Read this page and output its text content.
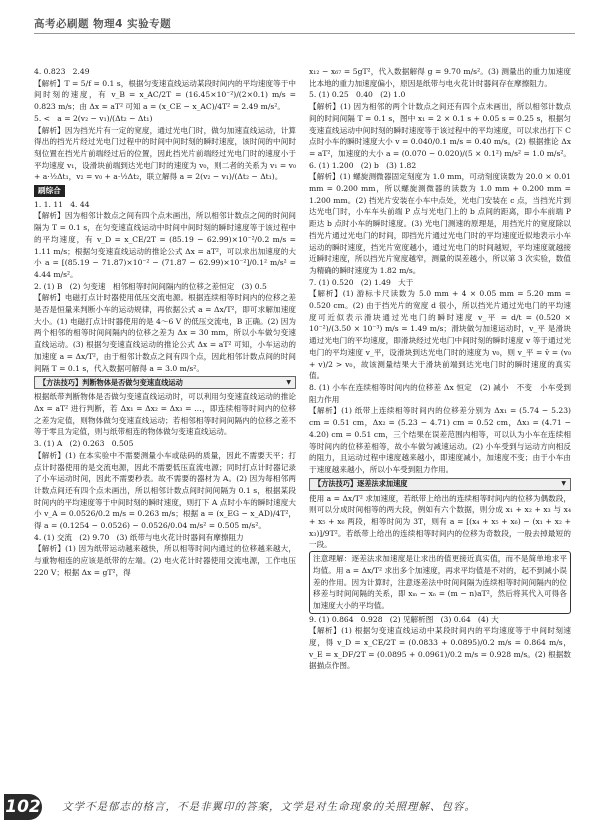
高考必刷题 物理4 实验专题

4. 0.823   2.49

【解析】T = 5/f = 0.1 s，根据匀变速直线运动某段时间内的平均速度等于中间时刻的速度，有 v_B = x_AC/2T = (16.45×10⁻²)/(2×0.1) m/s = 0.823 m/s；由 Δx = aT² 可知 a = (x_CE − x_AC)/4T² = 2.49 m/s²。

5. <   a = 2(v₂ − v₁)/(Δt₂ − Δt₁)

【解析】因为挡光片有一定的宽度，通过光电门时，做匀加速直线运动，计算得出的挡光片经过光电门过程中的时间中间时刻的瞬时速度，该时间的中间时刻位置在挡光片前端经过后的位置，因此挡光片前端经过光电门时的速度小于平均速度 v₁，设滑块前端到达光电门时的速度为 v₀，则二者的关系为 v₁ = v₀ + a·½Δt₁，v₂ = v₀ + a·½Δt₂，联立解得 a = 2(v₂ − v₁)/(Δt₂ − Δt₁)。

刷综合

1. 1. 11   4. 44

【解析】因为相邻计数点之间有四个点未画出，所以相邻计数点之间的时间间隔为 T = 0.1 s，在匀变速直线运动中时间中间时刻的瞬时速度等于该过程中的平均速度，有 v_D = x_CE/2T = (85.19 − 62.99)×10⁻²/0.2 m/s = 1.11 m/s；根据匀变速直线运动的推论公式 Δx = aT²，可以求出加速度的大小 a = [(85.19 − 71.87)×10⁻² − (71.87 − 62.99)×10⁻²]/0.1² m/s² = 4.44 m/s²。

2. (1) B   (2) 匀变速   相邻相等时间间隔内的位移之差恒定   (3) 0.5

【解析】电磁打点计时器使用低压交流电源。根据连续相等时间内的位移之差是否是恒量来判断小车的运动规律，再依据公式 a = Δx/T²，即可求解加速度大小。(1) 电磁打点计时器使用的是 4～6 V 的低压交流电，B 正确。(2) 因为两个相邻的相等时间间隔内的位移之差为 Δx = 30 mm，所以小车做匀变速直线运动。(3) 根据匀变速直线运动的推论公式 Δx = aT² 可知，小车运动的加速度 a = Δx/T²，由于相邻计数点之间有四个点，因此相邻计数点间的时间间隔 T = 0.1 s，代入数据可解得 a = 3.0 m/s²。

【方法技巧】判断物体是否做匀变速直线运动	▼

根据纸带判断物体是否做匀变速直线运动时，可以利用匀变速直线运动的推论 Δx = aT² 进行判断，若 Δx₁ = Δx₂ = Δx₃ = …，即连续相等时间内的位移之差为定值，则物体做匀变速直线运动；若相邻相等时间间隔内的位移之差不等于零且为定值，则与纸带相连的物体做匀变速直线运动。

3. (1) A   (2) 0.263   0.505

【解析】(1) 在本实验中不需要测量小车或砝码的质量，因此不需要天平；打点计时器使用的是交流电源，因此不需要低压直流电源；同时打点计时器记录了小车运动时间，因此不需要秒表。故不需要的器材为 A。(2) 因为每相邻两计数点间还有四个点未画出，所以相邻计数点间时间间隔为 0.1 s，根据某段时间内的平均速度等于中间时刻的瞬时速度，则打下 A 点时小车的瞬时速度大小 v_A = 0.0526/0.2 m/s = 0.263 m/s；根据 a = (x_EG − x_AD)/4T²，得 a = (0.1254 − 0.0526) − 0.0526/0.04 m/s² = 0.505 m/s²。

4. (1) 交流   (2) 9.70   (3) 纸带与电火花计时器间有摩擦阻力

【解析】(1) 因为纸带运动越来越快，所以相等时间内通过的位移越来越大，与重物相连的应该是纸带的左端。(2) 电火花计时器使用交流电源，工作电压 220 V；根据 Δx = gT²，得

x₁₂ − x₆₇ = 5gT²，代入数据解得 g = 9.70 m/s²。(3) 测量出的重力加速度比本地的重力加速度偏小，原因是纸带与电火花计时器间存在摩擦阻力。

5. (1) 0.25   0.40   (2) 1.0

【解析】(1) 因为相邻的两个计数点之间还有四个点未画出，所以相邻计数点间的时间间隔 T = 0.1 s，图中 x₁ = 2 × 0.1 s + 0.05 s = 0.25 s，根据匀变速直线运动中间时刻的瞬时速度等于该过程中的平均速度，可以求出打下 C 点时小车的瞬时速度大小 v = 0.040/0.1 m/s = 0.40 m/s。(2) 根据推论 Δx = aT²，加速度的大小 a = (0.070 − 0.020)/(5 × 0.1²) m/s² = 1.0 m/s²。

6. (1) 1.200   (2) b   (3) 1.82

【解析】(1) 螺旋测微器固定刻度为 1.0 mm，可动刻度读数为 20.0 × 0.01 mm = 0.200 mm，所以螺旋测微器的读数为 1.0 mm + 0.200 mm = 1.200 mm。(2) 挡光片安装在小车中点处，光电门安装在 c 点，当挡光片到达光电门时，小车车头前端 P 点与光电门上的 b 点间的距离，即小车前端 P 距达 b 点时小车的瞬时速度。(3) 光电门测速的原理是，用挡光片的宽度除以挡光片通过光电门的时间，即挡光片通过光电门时的平均速度近似地表示小车运动的瞬时速度，挡光片宽度越小，通过光电门的时间越短，平均速度就越接近瞬时速度，所以挡光片宽度越窄，测量的误差越小，所以第 3 次实验，数值为精确的瞬时速度为 1.82 m/s。

7. (1) 0.520   (2) 1.49   大于

【解析】(1) 游标卡尺读数为 5.0 mm + 4 × 0.05 mm = 5.20 mm = 0.520 cm。(2) 由于挡光片的宽度 d 很小，所以挡光片通过光电门的平均速度可近似表示滑块通过光电门的瞬时速度 v_平 = d/t = (0.520 × 10⁻²)/(3.50 × 10⁻³) m/s = 1.49 m/s；滑块做匀加速运动时，v_平 是滑块通过光电门的平均速度，即滑块经过光电门中间时刻的瞬时速度 v 等于通过光电门的平均速度 v_平，设滑块到达光电门时的速度为 v₀，则 v_平 = v̄ = (v₀ + v)/2 > v₀，故该测量结果大于滑块前端到达光电门时的瞬时速度的真实值。

8. (1) 小车在连续相等时间内的位移差 Δx 恒定   (2) 减小   不变   小车受到阻力作用

【解析】(1) 纸带上连续相等时间内的位移差分别为 Δx₁ = (5.74 − 5.23) cm = 0.51 cm，Δx₂ = (5.23 − 4.71) cm = 0.52 cm，Δx₃ = (4.71 − 4.20) cm = 0.51 cm，三个结果在误差范围内相等，可以认为小车在连续相等时间内的位移差相等，故小车做匀减速运动。(2) 小车受到与运动方向相反的阻力，且运动过程中速度越来越小，即速度减小，加速度不变；由于小车由于速度越来越小，所以小车受到阻力作用。

【方法技巧】逐差法求加速度	▼

使用 a = Δx/T² 求加速度，若纸带上给出的连续相等时间内的位移为偶数段，则可以分成时间相等的两大段，例如有六个数据，则分成 x₁ + x₂ + x₃ 与 x₄ + x₅ + x₆ 两段，相等时间为 3T，则有 a = [(x₄ + x₅ + x₆) − (x₁ + x₂ + x₃)]/9T²。若纸带上给出的连续相等时间内的位移为奇数段，一般去掉最短的一段。

注意理解：逐差法求加速度是让求出的值更接近真实值，而不是简单地求平均值。用 a = Δx/T² 求出多个加速度，再求平均值是不对的，起不到减小误差的作用。因为计算时，注意逐差法中时间间隔为连续相等时间间隔内的位移差与时间间隔的关系，即 xₘ − xₙ = (m − n)aT²，然后将其代入可得各加速度大小的平均值。

9. (1) 0.864   0.928   (2) 见解析图   (3) 0.64   (4) 大

【解析】(1) 根据匀变速直线运动中某段时间内的平均速度等于中间时刻速度，得 v_D = x_CE/2T = (0.0833 + 0.0895)/0.2 m/s = 0.864 m/s，v_E = x_DF/2T = (0.0895 + 0.0961)/0.2 m/s = 0.928 m/s。(2) 根据数据描点作图。

102 文学不是郁志的格言，不是非翼印的答案，文学是对生命现象的关照理解、包容。
